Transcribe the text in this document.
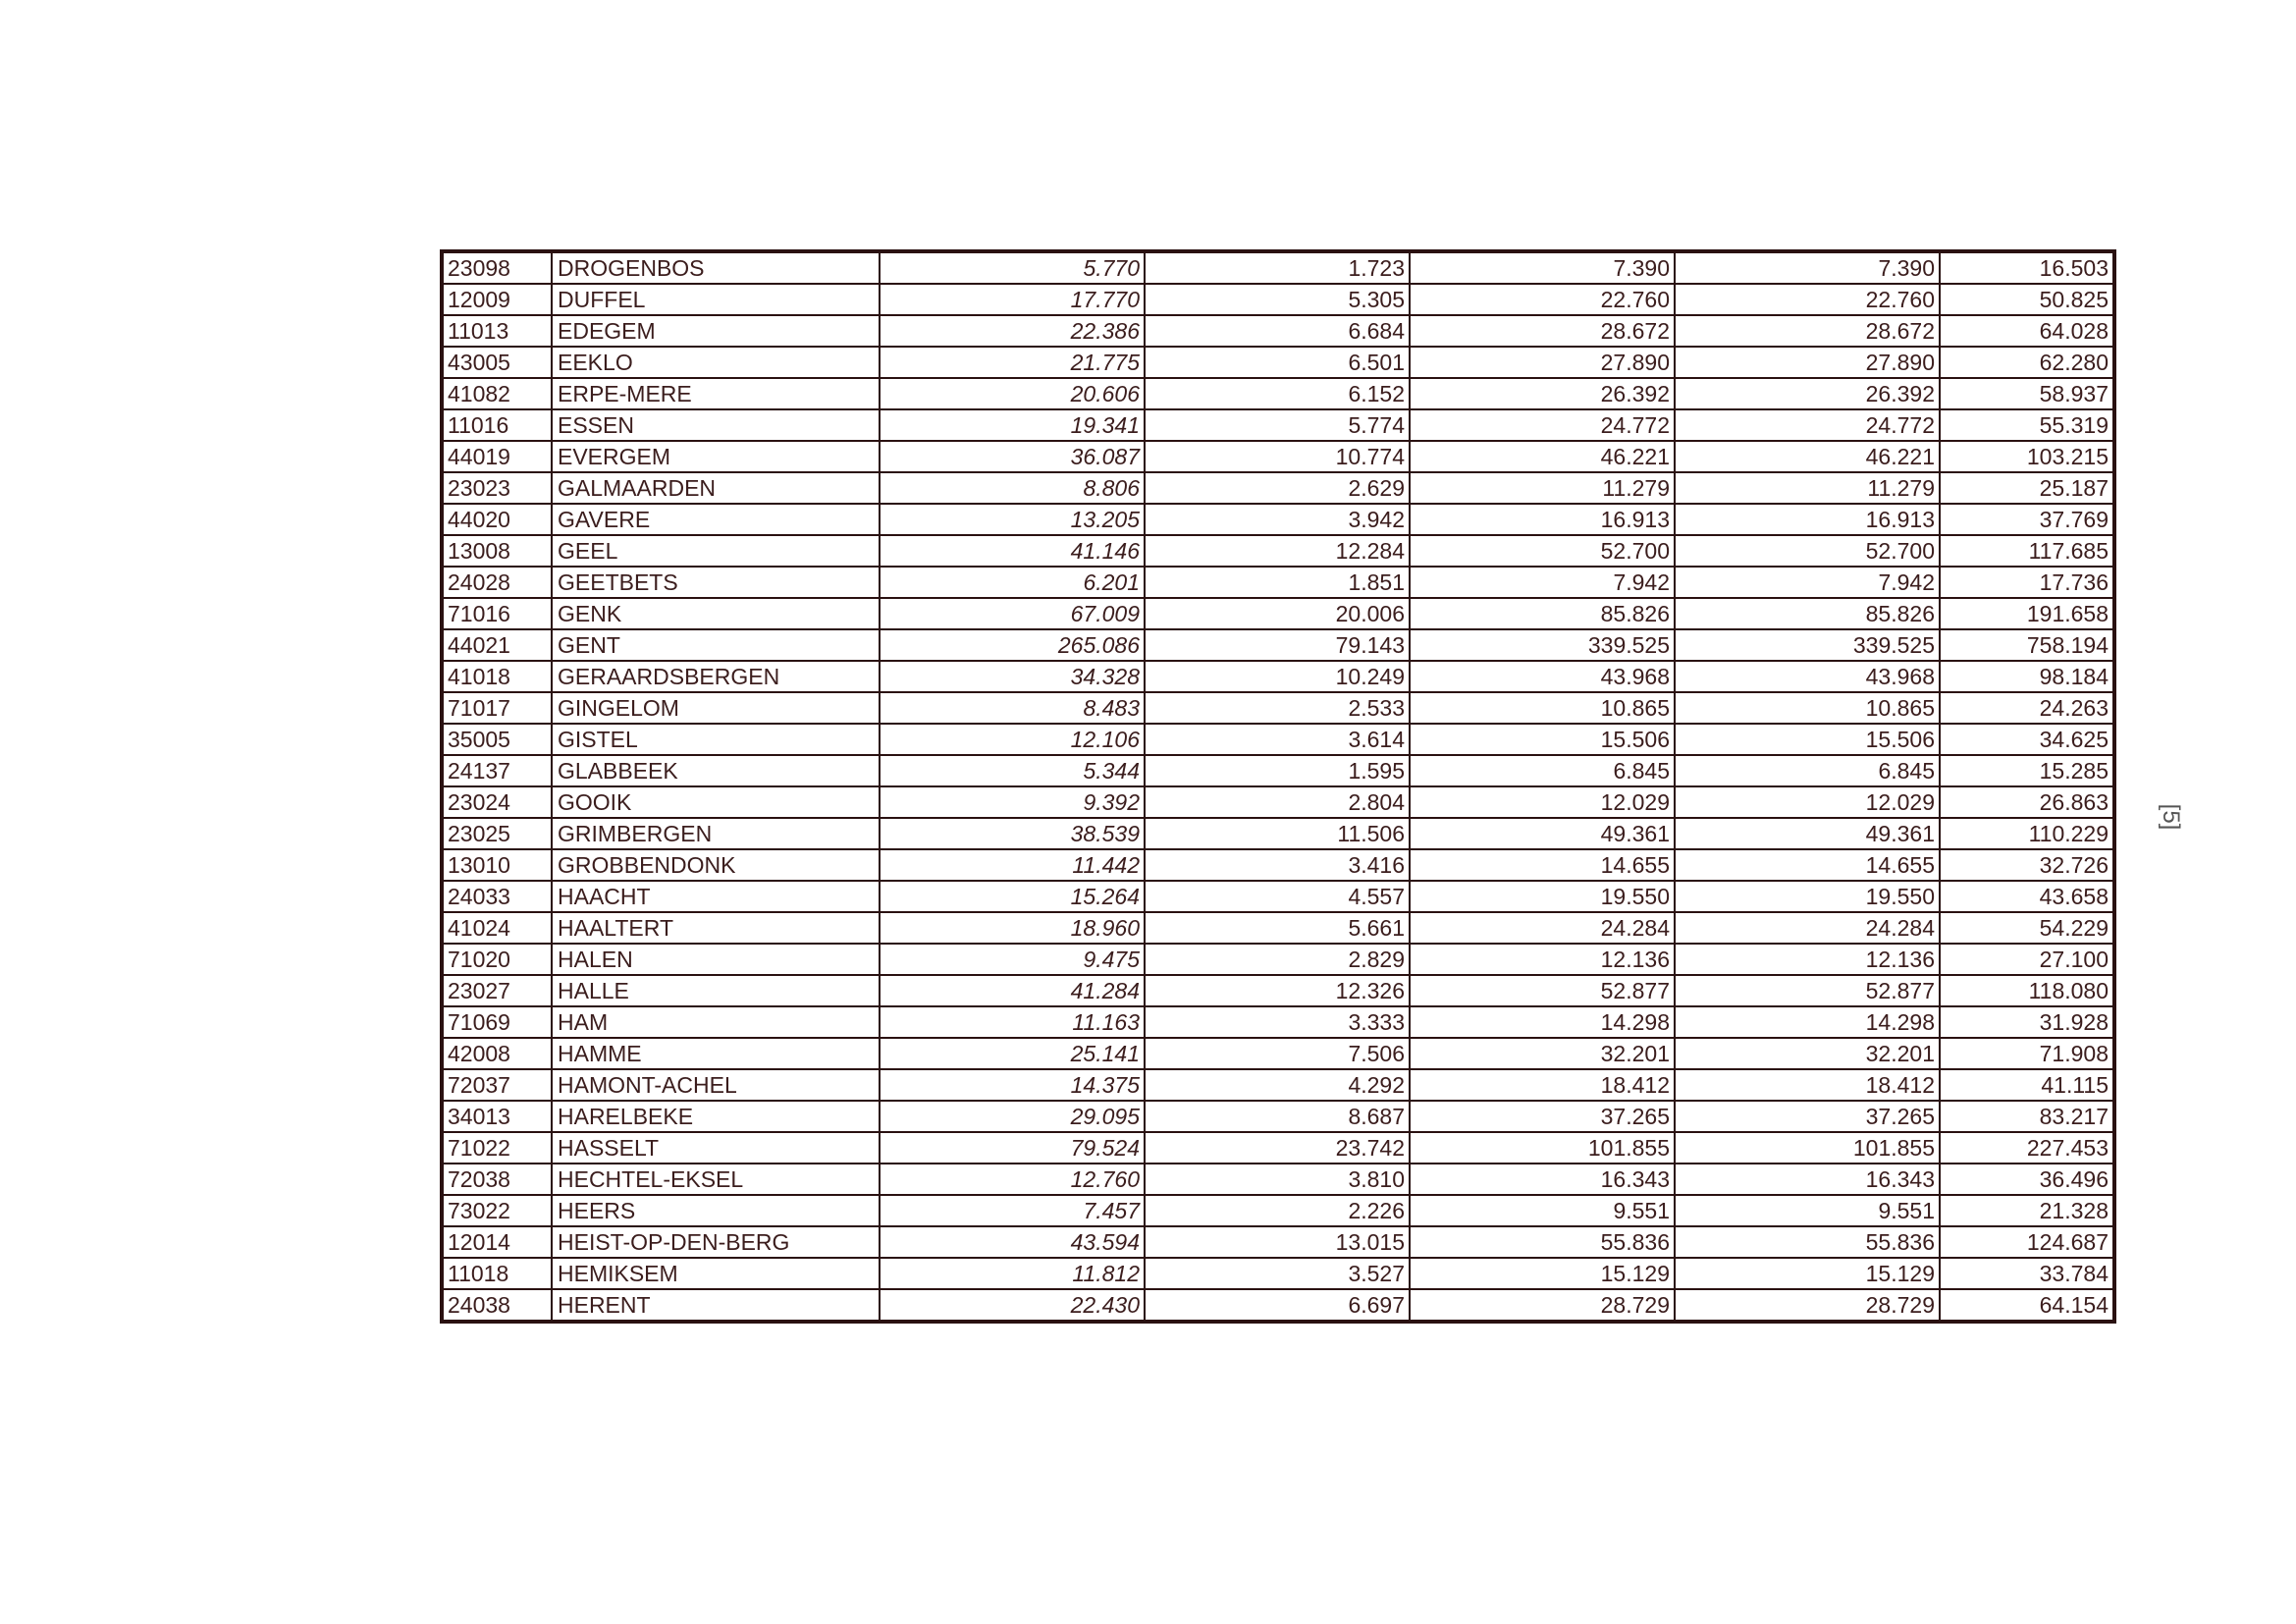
23098	DROGENBOS	5.770	1.723	7.390	7.390	16.503
12009	DUFFEL	17.770	5.305	22.760	22.760	50.825
11013	EDEGEM	22.386	6.684	28.672	28.672	64.028
43005	EEKLO	21.775	6.501	27.890	27.890	62.280
41082	ERPE-MERE	20.606	6.152	26.392	26.392	58.937
11016	ESSEN	19.341	5.774	24.772	24.772	55.319
44019	EVERGEM	36.087	10.774	46.221	46.221	103.215
23023	GALMAARDEN	8.806	2.629	11.279	11.279	25.187
44020	GAVERE	13.205	3.942	16.913	16.913	37.769
13008	GEEL	41.146	12.284	52.700	52.700	117.685
24028	GEETBETS	6.201	1.851	7.942	7.942	17.736
71016	GENK	67.009	20.006	85.826	85.826	191.658
44021	GENT	265.086	79.143	339.525	339.525	758.194
41018	GERAARDSBERGEN	34.328	10.249	43.968	43.968	98.184
71017	GINGELOM	8.483	2.533	10.865	10.865	24.263
35005	GISTEL	12.106	3.614	15.506	15.506	34.625
24137	GLABBEEK	5.344	1.595	6.845	6.845	15.285
23024	GOOIK	9.392	2.804	12.029	12.029	26.863
23025	GRIMBERGEN	38.539	11.506	49.361	49.361	110.229
13010	GROBBENDONK	11.442	3.416	14.655	14.655	32.726
24033	HAACHT	15.264	4.557	19.550	19.550	43.658
41024	HAALTERT	18.960	5.661	24.284	24.284	54.229
71020	HALEN	9.475	2.829	12.136	12.136	27.100
23027	HALLE	41.284	12.326	52.877	52.877	118.080
71069	HAM	11.163	3.333	14.298	14.298	31.928
42008	HAMME	25.141	7.506	32.201	32.201	71.908
72037	HAMONT-ACHEL	14.375	4.292	18.412	18.412	41.115
34013	HARELBEKE	29.095	8.687	37.265	37.265	83.217
71022	HASSELT	79.524	23.742	101.855	101.855	227.453
72038	HECHTEL-EKSEL	12.760	3.810	16.343	16.343	36.496
73022	HEERS	7.457	2.226	9.551	9.551	21.328
12014	HEIST-OP-DEN-BERG	43.594	13.015	55.836	55.836	124.687
11018	HEMIKSEM	11.812	3.527	15.129	15.129	33.784
24038	HERENT	22.430	6.697	28.729	28.729	64.154
[5]
